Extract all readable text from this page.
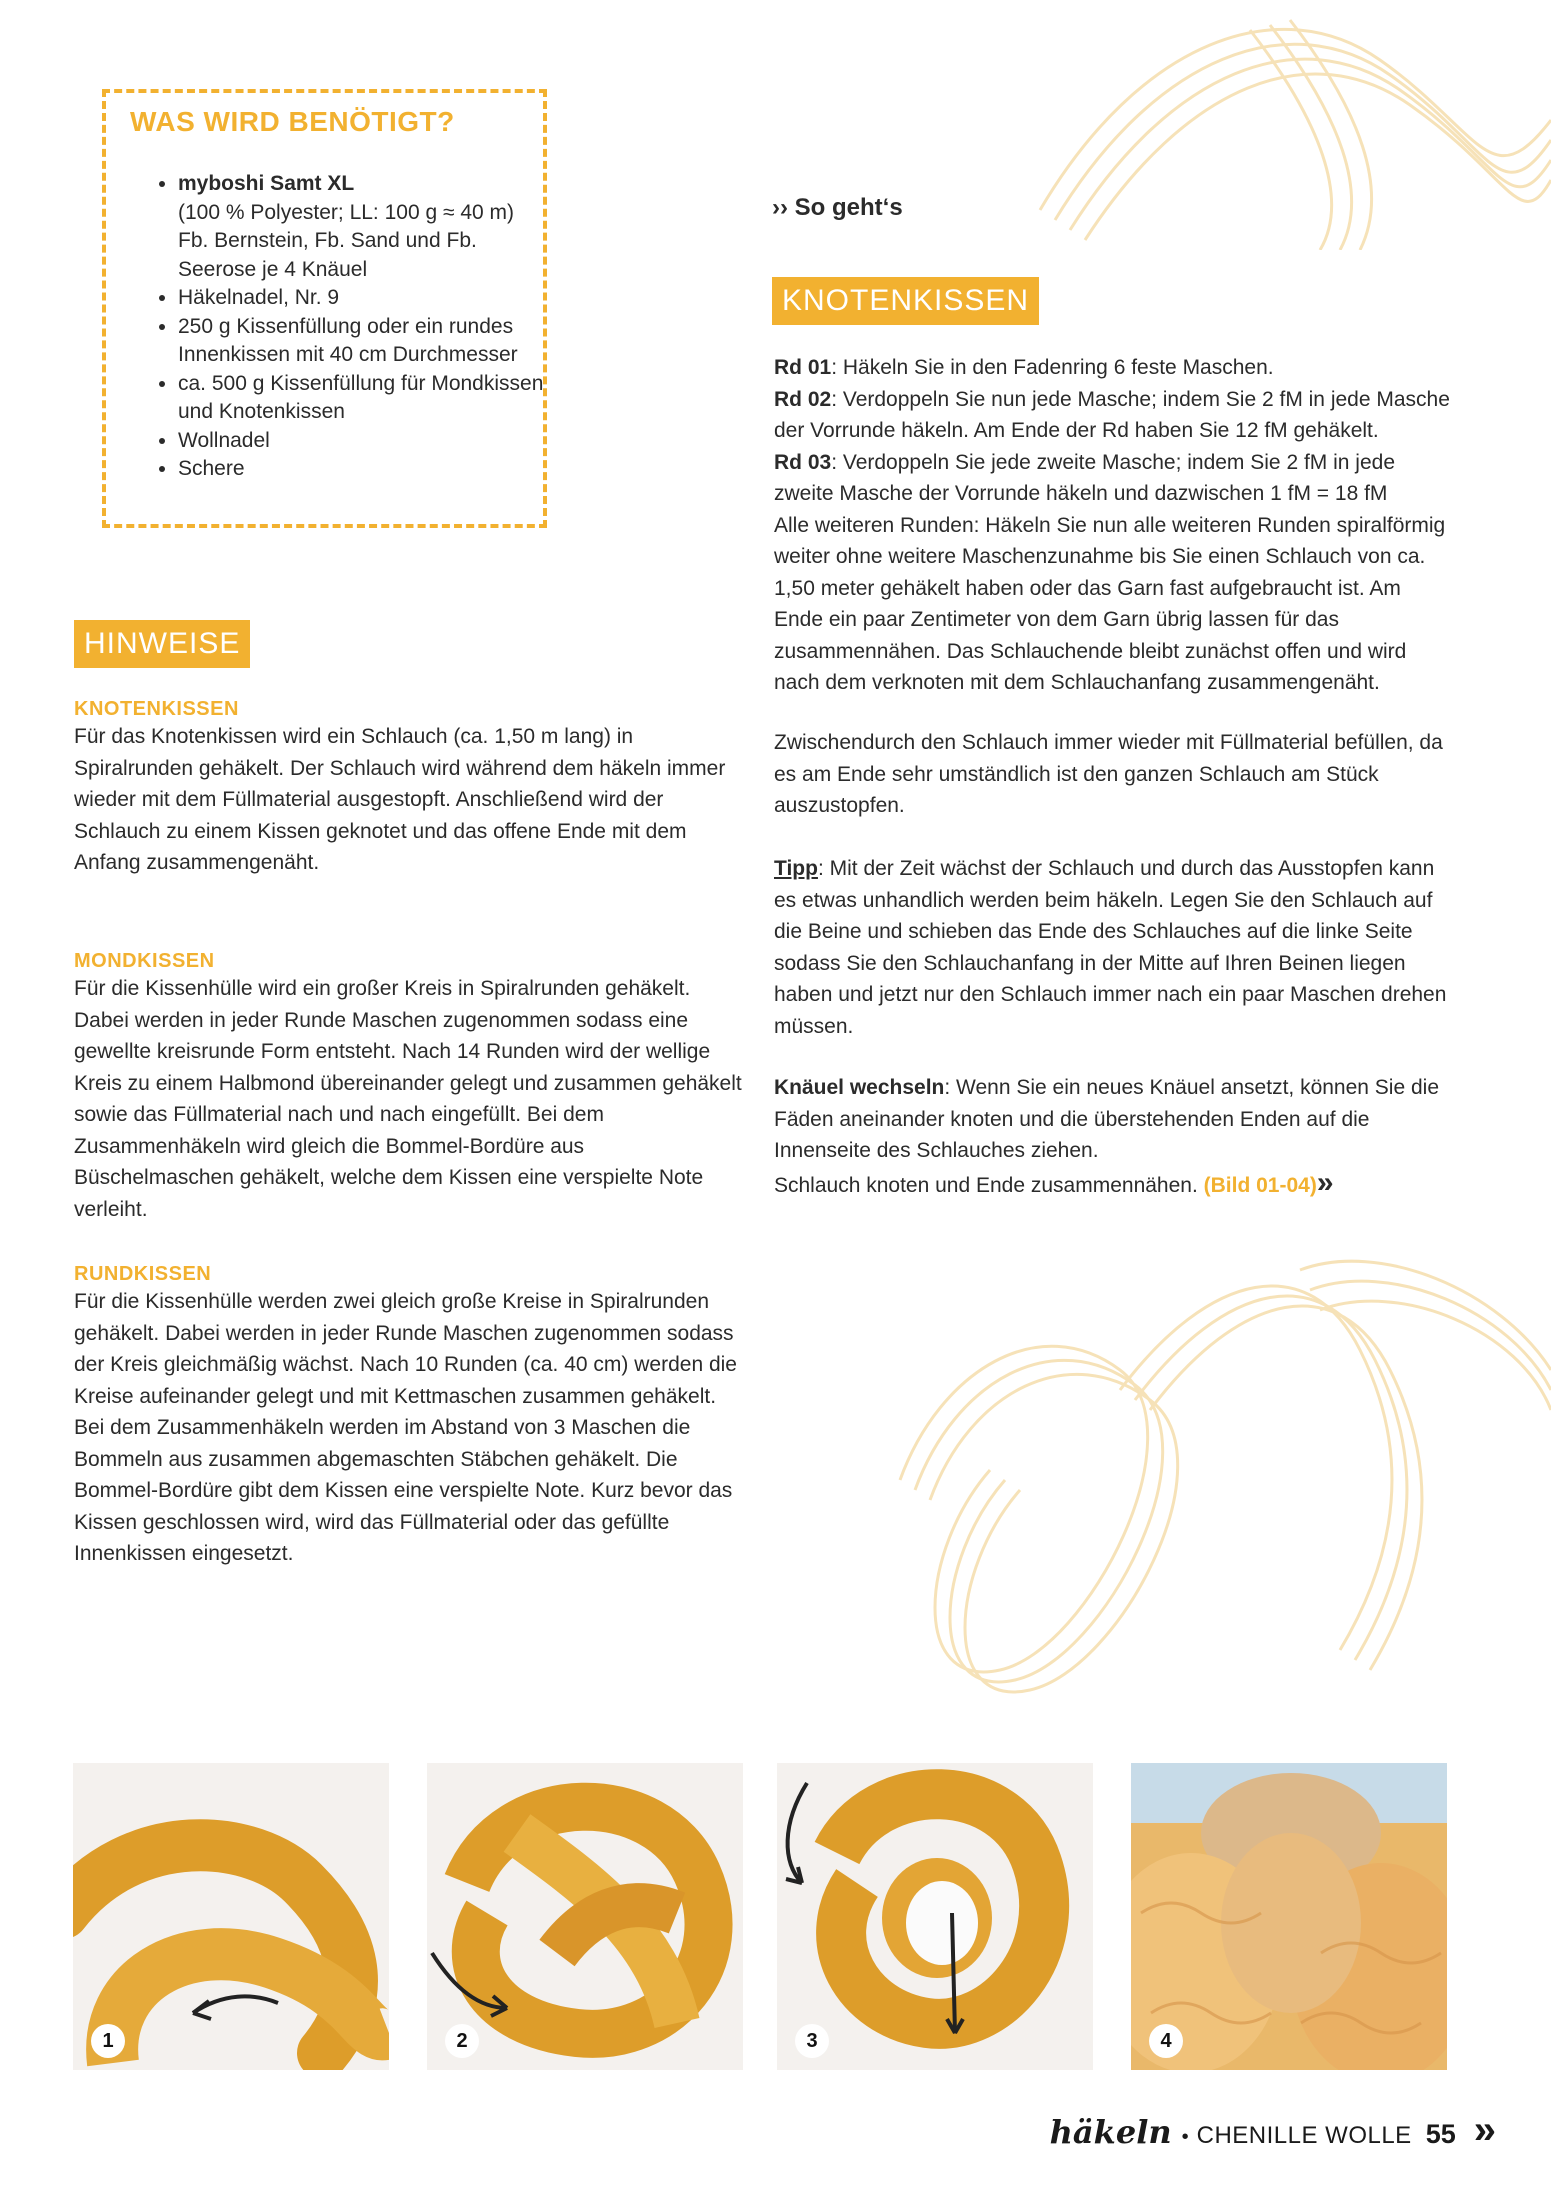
WAS WIRD BENÖTIGT?
• myboshi Samt XL
(100 % Polyester; LL: 100 g ≈ 40 m) Fb. Bernstein, Fb. Sand und Fb. Seerose je 4 Knäuel
• Häkelnadel, Nr. 9
• 250 g Kissenfüllung oder ein rundes Innenkissen mit 40 cm Durchmesser
• ca. 500 g Kissenfüllung für Mondkissen und Knotenkissen
• Wollnadel
• Schere
HINWEISE

KNOTENKISSEN

Für das Knotenkissen wird ein Schlauch (ca. 1,50 m lang) in Spiralrunden gehäkelt. Der Schlauch wird während dem häkeln immer wieder mit dem Füllmaterial ausgestopft. Anschließend wird der Schlauch zu einem Kissen geknotet und das offene Ende mit dem Anfang zusammengenäht.

MONDKISSEN

Für die Kissenhülle wird ein großer Kreis in Spiralrunden gehäkelt. Dabei werden in jeder Runde Maschen zugenommen sodass eine gewellte kreisrunde Form entsteht. Nach 14 Runden wird der wellige Kreis zu einem Halbmond übereinander gelegt und zusammen gehäkelt sowie das Füllmaterial nach und nach eingefüllt. Bei dem Zusammenhäkeln wird gleich die Bommel-Bordüre aus Büschelmaschen gehäkelt, welche dem Kissen eine verspielte Note verleiht.

RUNDKISSEN

Für die Kissenhülle werden zwei gleich große Kreise in Spiralrunden gehäkelt. Dabei werden in jeder Runde Maschen zugenommen sodass der Kreis gleichmäßig wächst. Nach 10 Runden (ca. 40 cm) werden die Kreise aufeinander gelegt und mit Kettmaschen zusammen gehäkelt. Bei dem Zusammenhäkeln werden im Abstand von 3 Maschen die Bommeln aus zusammen abgemaschten Stäbchen gehäkelt. Die Bommel-Bordüre gibt dem Kissen eine verspielte Note. Kurz bevor das Kissen geschlossen wird, wird das Füllmaterial oder das gefüllte Innenkissen eingesetzt.

›› So geht‘s
KNOTENKISSEN

Rd 01: Häkeln Sie in den Fadenring 6 feste Maschen.

Rd 02: Verdoppeln Sie nun jede Masche; indem Sie 2 fM in jede Masche der Vorrunde häkeln. Am Ende der Rd haben Sie 12 fM gehäkelt.

Rd 03: Verdoppeln Sie jede zweite Masche; indem Sie 2 fM in jede zweite Masche der Vorrunde häkeln und dazwischen 1 fM = 18 fM

Alle weiteren Runden: Häkeln Sie nun alle weiteren Runden spiralförmig weiter ohne weitere Maschenzunahme bis Sie einen Schlauch von ca. 1,50 meter gehäkelt haben oder das Garn fast aufgebraucht ist. Am Ende ein paar Zentimeter von dem Garn übrig lassen für das zusammennähen. Das Schlauchende bleibt zunächst offen und wird nach dem verknoten mit dem Schlauchanfang zusammengenäht.

Zwischendurch den Schlauch immer wieder mit Füllmaterial befüllen, da es am Ende sehr umständlich ist den ganzen Schlauch am Stück auszustopfen.

Tipp: Mit der Zeit wächst der Schlauch und durch das Ausstopfen kann es etwas unhandlich werden beim häkeln. Legen Sie den Schlauch auf die Beine und schieben das Ende des Schlauches auf die linke Seite sodass Sie den Schlauchanfang in der Mitte auf Ihren Beinen liegen haben und jetzt nur den Schlauch immer nach ein paar Maschen drehen müssen.

Knäuel wechseln: Wenn Sie ein neues Knäuel ansetzt, können Sie die Fäden aneinander knoten und die überstehenden Enden auf die Innenseite des Schlauches ziehen.

Schlauch knoten und Ende zusammennähen. (Bild 01-04)»

1	2	3	4
häkeln • CHENILLE WOLLE 55 »
